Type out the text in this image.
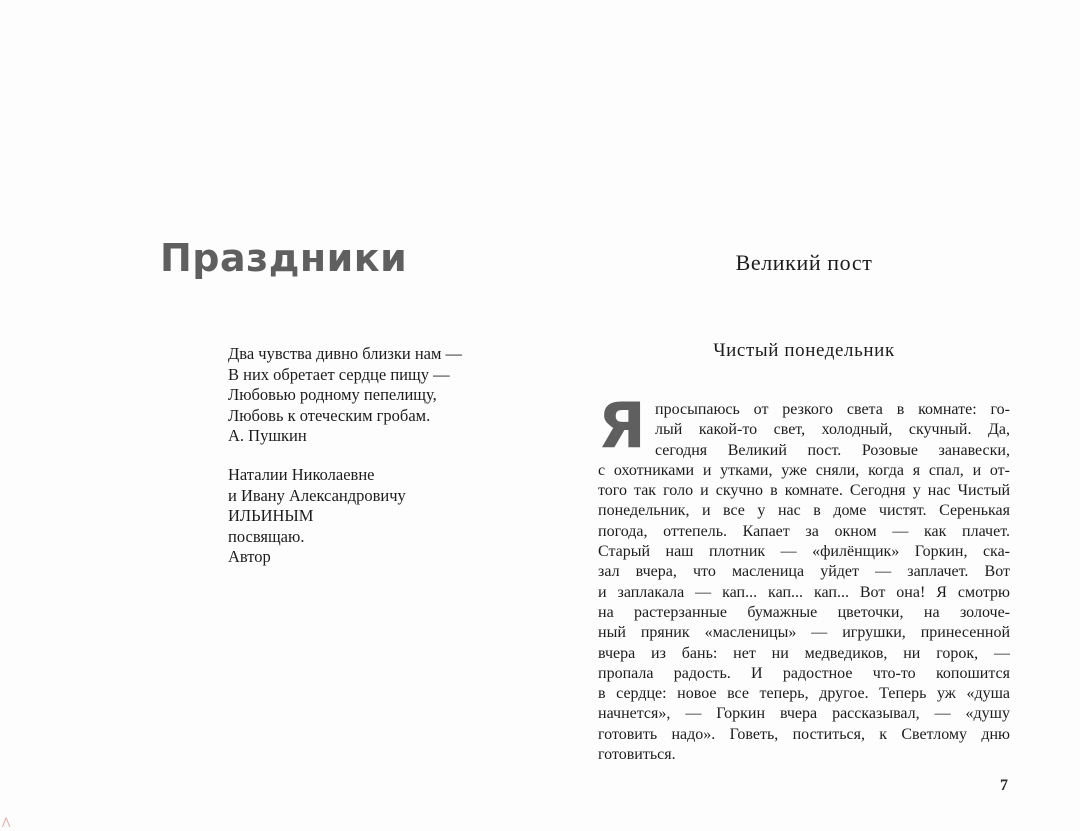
Праздники
Два чувства дивно близки нам —
В них обретает сердце пищу —
Любовью родному пепелищу,
Любовь к отеческим гробам.
А. Пушкин
Наталии Николаевне
и Ивану Александровичу
ИЛЬИНЫМ
посвящаю.
Автор
Великий пост
Чистый понедельник
Я просыпаюсь от резкого света в комнате: го-
лый какой-то свет, холодный, скучный. Да,
сегодня Великий пост. Розовые занавески,
с охотниками и утками, уже сняли, когда я спал, и от-
того так голо и скучно в комнате. Сегодня у нас Чистый
понедельник, и все у нас в доме чистят. Серенькая
погода, оттепель. Капает за окном — как плачет.
Старый наш плотник — «филёнщик» Горкин, ска-
зал вчера, что масленица уйдет — заплачет. Вот
и заплакала — кап... кап... кап... Вот она! Я смотрю
на растерзанные бумажные цветочки, на золоче-
ный пряник «масленицы» — игрушки, принесенной
вчера из бань: нет ни медведиков, ни горок, —
пропала радость. И радостное что-то копошится
в сердце: новое все теперь, другое. Теперь уж «душа
начнется», — Горкин вчера рассказывал, — «душу
готовить надо». Говеть, поститься, к Светлому дню
готовиться.
7
⋀
